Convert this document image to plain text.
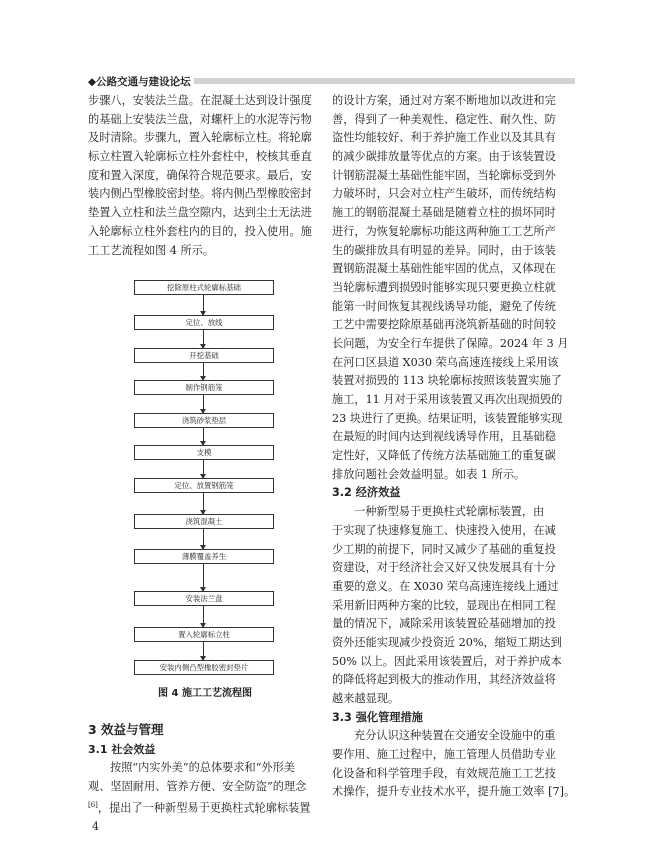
◆公路交通与建设论坛
步骤八，安装法兰盘。在混凝土达到设计强度
的基础上安装法兰盘，对螺杆上的水泥等污物
及时清除。步骤九，置入轮廓标立柱。将轮廓
标立柱置入轮廓标立柱外套柱中，校核其垂直
度和置入深度，确保符合规范要求。最后，安
装内侧凸型橡胶密封垫。将内侧凸型橡胶密封
垫置入立柱和法兰盘空隙内，达到尘土无法进
入轮廓标立柱外套柱内的目的，投入使用。施
工工艺流程如图 4 所示。
挖除原柱式轮廓标基础
定位、放线
开挖基础
制作钢筋笼
浇筑砂浆垫层
支模
定位、放置钢筋笼
浇筑混凝土
薄膜覆盖养生
安装法兰盘
置入轮廓标立柱
安装内侧凸型橡胶密封垫片
图 4 施工工艺流程图
3 效益与管理
3.1 社会效益
按照“内实外美”的总体要求和“外形美
观、坚固耐用、管养方便、安全防盗”的理念
[6]，提出了一种新型易于更换柱式轮廓标装置
的设计方案，通过对方案不断地加以改进和完
善，得到了一种美观性、稳定性、耐久性、防
盗性均能较好、利于养护施工作业以及其具有
的减少碳排放量等优点的方案。由于该装置设
计钢筋混凝土基础性能牢固，当轮廓标受到外
力破坏时，只会对立柱产生破坏，而传统结构
施工的钢筋混凝土基础是随着立柱的损坏同时
进行，为恢复轮廓标功能这两种施工工艺所产
生的碳排放具有明显的差异。同时，由于该装
置钢筋混凝土基础性能牢固的优点，又体现在
当轮廓标遭到损毁时能够实现只要更换立柱就
能第一时间恢复其视线诱导功能，避免了传统
工艺中需要挖除原基础再浇筑新基础的时间较
长问题，为安全行车提供了保障。2024 年 3 月
在河口区县道 X030 荣乌高速连接线上采用该
装置对损毁的 113 块轮廓标按照该装置实施了
施工，11 月对于采用该装置又再次出现损毁的
23 块进行了更换。结果证明，该装置能够实现
在最短的时间内达到视线诱导作用，且基础稳
定性好，又降低了传统方法基础施工的重复碳
排放问题社会效益明显。如表 1 所示。
3.2 经济效益
一种新型易于更换柱式轮廓标装置，由
于实现了快速修复施工、快速投入使用，在减
少工期的前提下，同时又减少了基础的重复投
资建设，对于经济社会又好又快发展具有十分
重要的意义。在 X030 荣乌高速连接线上通过
采用新旧两种方案的比较，显现出在相同工程
量的情况下，减除采用该装置砼基础增加的投
资外还能实现减少投资近 20%，缩短工期达到
50% 以上。因此采用该装置后，对于养护成本
的降低将起到极大的推动作用，其经济效益将
越来越显现。
3.3 强化管理措施
充分认识这种装置在交通安全设施中的重
要作用、施工过程中，施工管理人员借助专业
化设备和科学管理手段，有效规范施工工艺技
术操作，提升专业技术水平，提升施工效率 [7]。
4
